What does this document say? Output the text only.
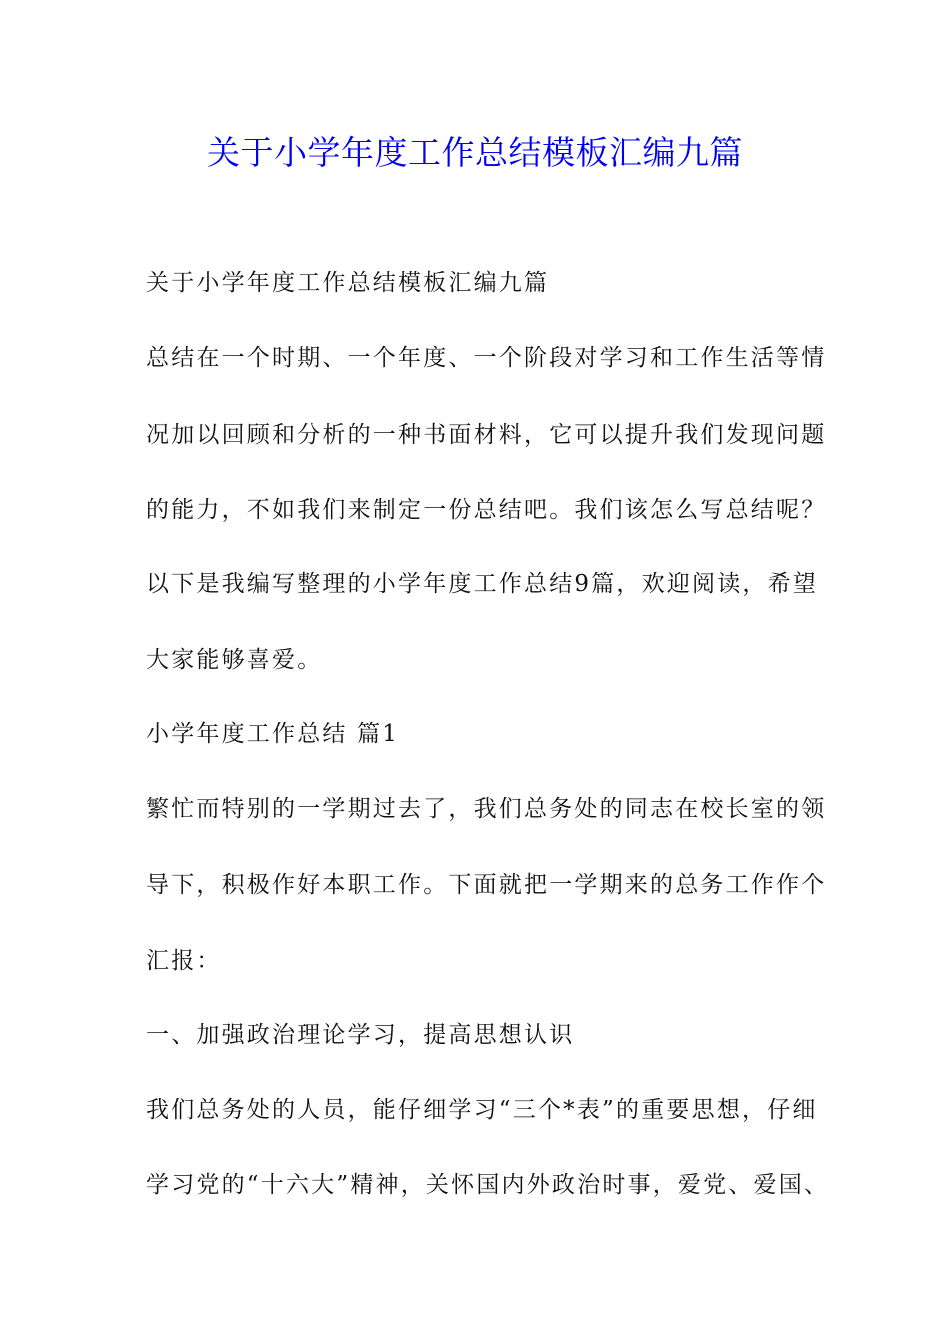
关于小学年度工作总结模板汇编九篇
关于小学年度工作总结模板汇编九篇
总结在一个时期、一个年度、一个阶段对学习和工作生活等情
况加以回顾和分析的一种书面材料，它可以提升我们发现问题
的能力，不如我们来制定一份总结吧。我们该怎么写总结呢？
以下是我编写整理的小学年度工作总结9篇，欢迎阅读，希望
大家能够喜爱。
小学年度工作总结 篇1
繁忙而特别的一学期过去了，我们总务处的同志在校长室的领
导下，积极作好本职工作。下面就把一学期来的总务工作作个
汇报：
一、加强政治理论学习，提高思想认识
我们总务处的人员，能仔细学习“三个*表”的重要思想，仔细
学习党的“十六大”精神，关怀国内外政治时事，爱党、爱国、
